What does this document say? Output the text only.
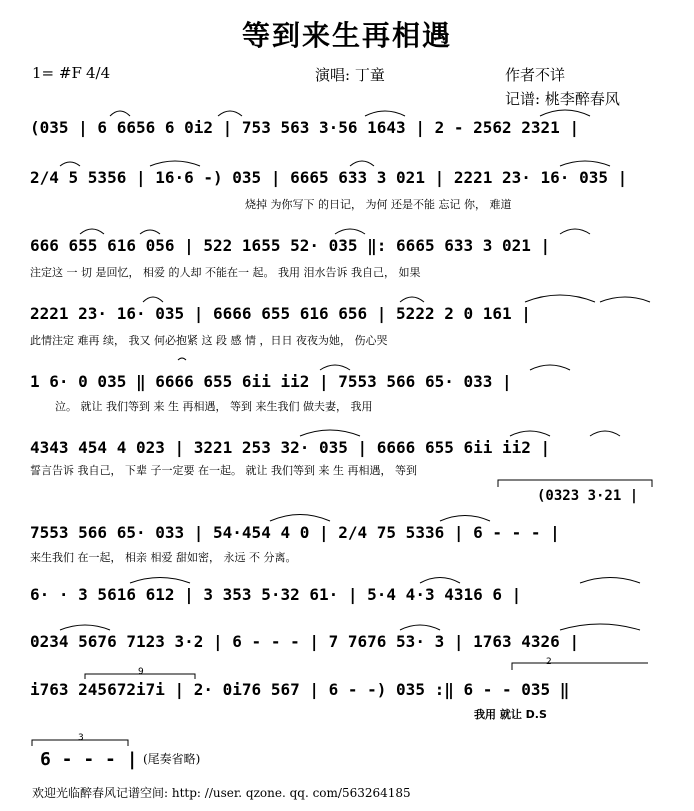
等到来生再相遇
1= #F 4/4	演唱: 丁童	作者不详
记谱: 桃李醉春风
(035 | 6 6656 6 0i2 | 753 563 3·56 1643 | 2 - 2562 2321 |
2/4 5 5356 | 16·6 -) 035 | 6665 633 3 021 | 2221 23· 16· 035 |
烧掉 为你写下 的日记， 为何 还是不能 忘记 你， 难道
666 655 616 056 | 522 1655 52· 035 ‖: 6665 633 3 021 |
注定这 一 切 是回忆， 相爱 的人却 不能在一 起。 我用 泪水告诉 我自己， 如果
2221 23· 16· 035 | 6666 655 616 656 | 5222 2 0 161 |
此情注定 难再 续， 我又 何必抱紧 这 段 感 情 ，日日 夜夜为她， 伤心哭
1 6· 0 035 ‖ 6666 655 6ii ii2 | 7553 566 65· 033 |
泣。 就让 我们等到 来 生 再相遇， 等到 来生我们 做夫妻， 我用
4343 454 4 023 | 3221 253 32· 035 | 6666 655 6ii ii2 |
誓言告诉 我自己， 下辈 子一定要 在一起。 就让 我们等到 来 生 再相遇， 等到
(0323 3·21 |
7553 566 65· 033 | 54·454 4 0 | 2/4 75 5336 | 6 - - - |
来生我们 在一起， 相亲 相爱 甜如密， 永远 不 分离。
6· · 3 5616 612 | 3 353 5·32 61· | 5·4 4·3 4316 6 |
0234 5676 7123 3·2 | 6 - - - | 7 7676 53· 3 | 1763 4326 |
i763 245672i7i | 2· 0i76 567 | 6 - -) 035 :‖ 6 - - 035 ‖
我用 就让 D.S
6 - - - | (尾奏省略)
欢迎光临醉春风记谱空间: http: //user. qzone. qq. com/563264185
9
3
2
